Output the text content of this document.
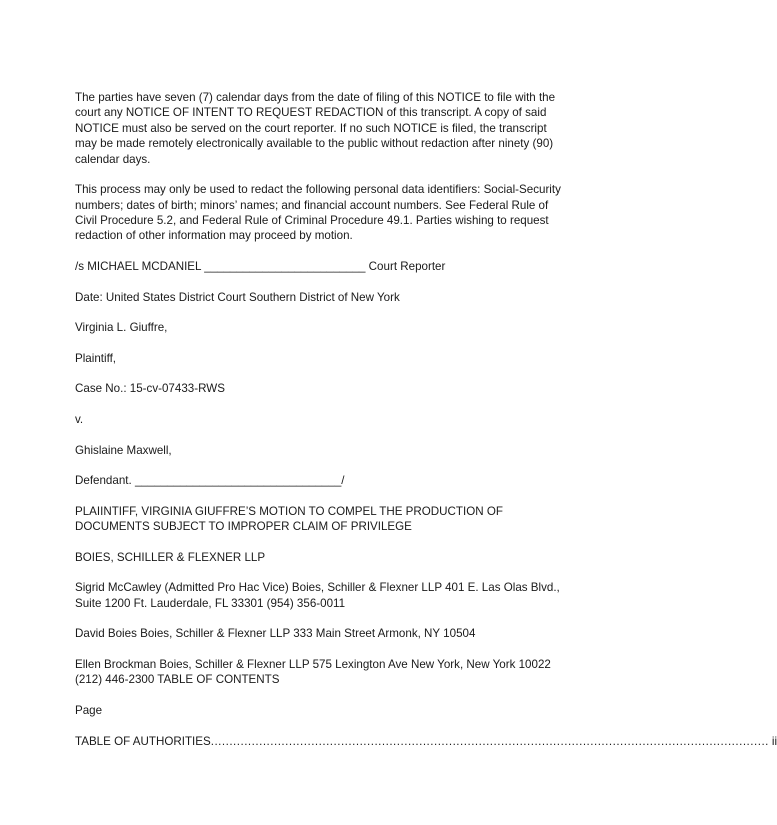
The parties have seven (7) calendar days from the date of filing of this NOTICE to file with the court any NOTICE OF INTENT TO REQUEST REDACTION of this transcript. A copy of said NOTICE must also be served on the court reporter. If no such NOTICE is filed, the transcript may be made remotely electronically available to the public without redaction after ninety (90) calendar days.

This process may only be used to redact the following personal data identifiers: Social-Security numbers; dates of birth; minors’ names; and financial account numbers. See Federal Rule of Civil Procedure 5.2, and Federal Rule of Criminal Procedure 49.1. Parties wishing to request redaction of other information may proceed by motion.

/s MICHAEL MCDANIEL _________________________ Court Reporter

Date: United States District Court Southern District of New York

Virginia L. Giuffre,

Plaintiff,

Case No.: 15-cv-07433-RWS

v.

Ghislaine Maxwell,

Defendant. ________________________________/

PLAIINTIFF, VIRGINIA GIUFFRE’S MOTION TO COMPEL THE PRODUCTION OF DOCUMENTS SUBJECT TO IMPROPER CLAIM OF PRIVILEGE

BOIES, SCHILLER & FLEXNER LLP

Sigrid McCawley (Admitted Pro Hac Vice) Boies, Schiller & Flexner LLP 401 E. Las Olas Blvd., Suite 1200 Ft. Lauderdale, FL 33301 (954) 356-0011

David Boies Boies, Schiller & Flexner LLP 333 Main Street Armonk, NY 10504

Ellen Brockman Boies, Schiller & Flexner LLP 575 Lexington Ave New York, New York 10022 (212) 446-2300 TABLE OF CONTENTS

Page

TABLE OF AUTHORITIES ...................................................................................................................................................... ii
